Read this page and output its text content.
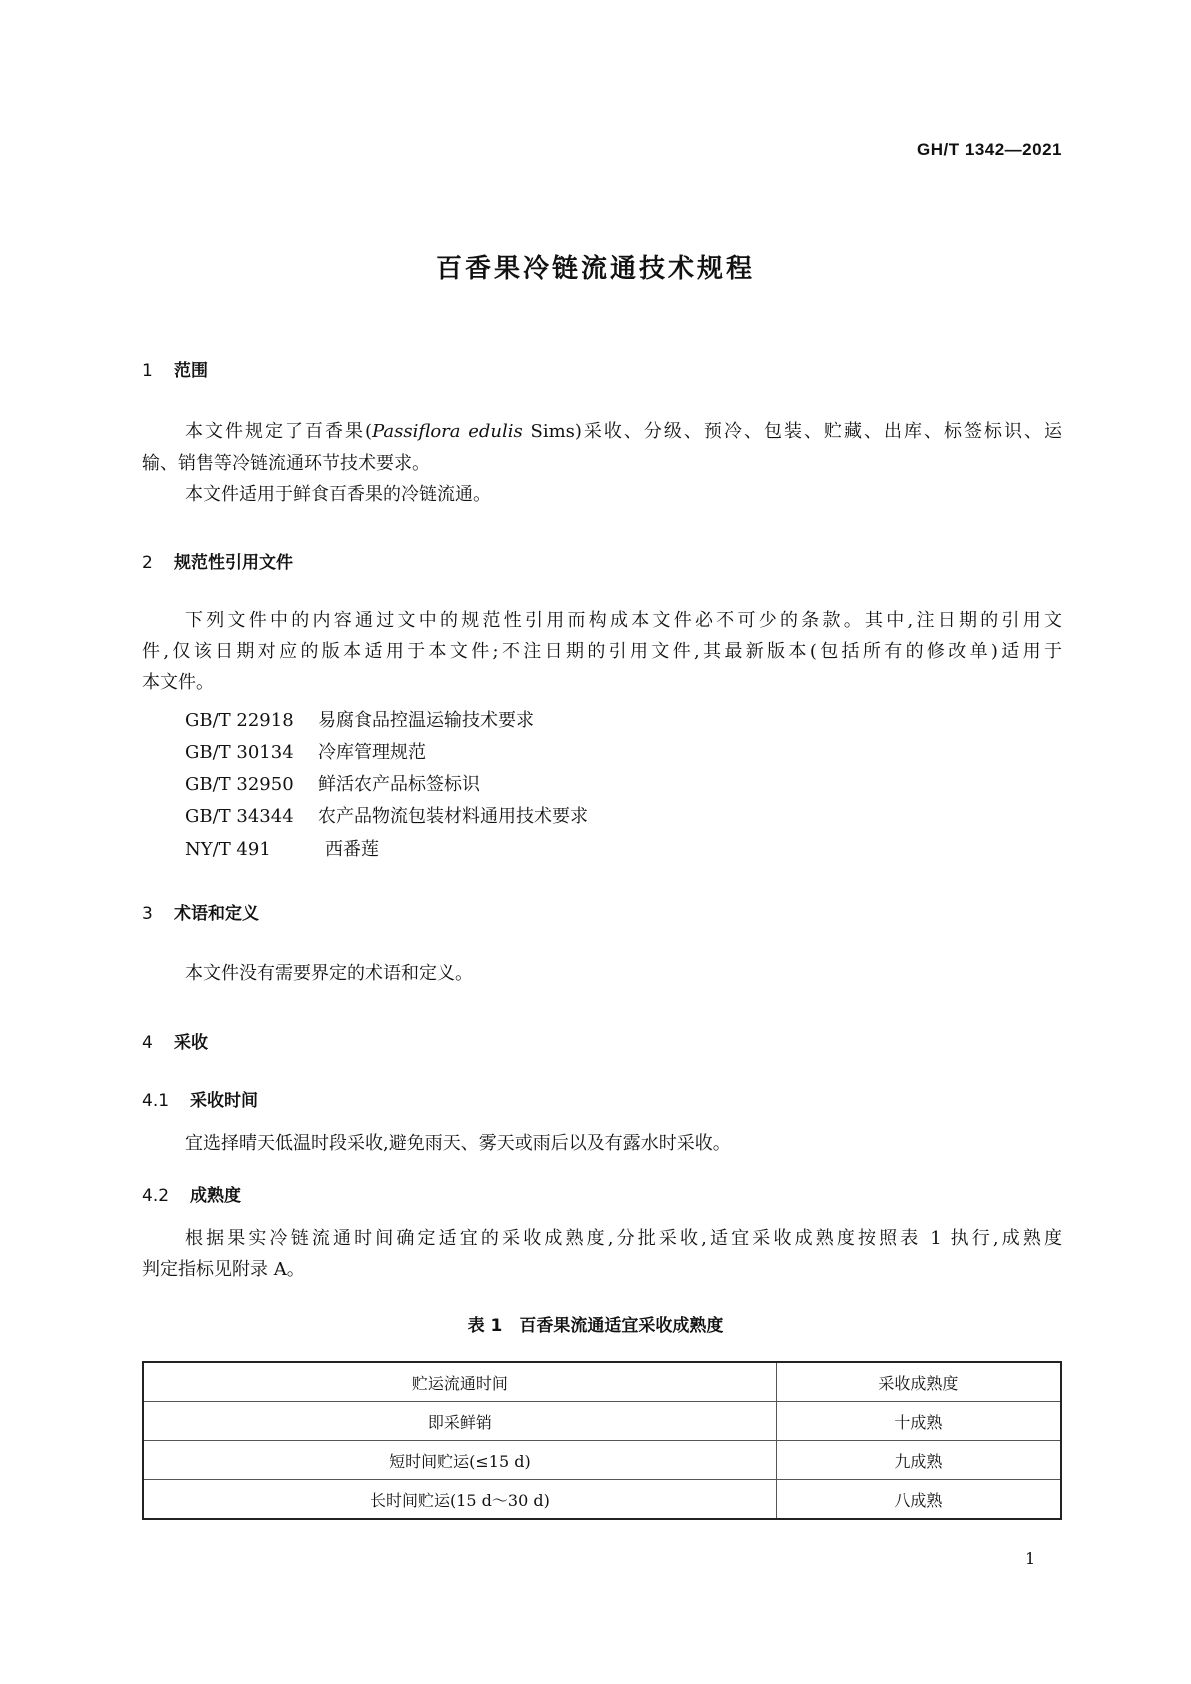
GH/T 1342—2021
百香果冷链流通技术规程
1 范围
本文件规定了百香果(Passiflora edulis Sims)采收、分级、预冷、包装、贮藏、出库、标签标识、运
输、销售等冷链流通环节技术要求。
本文件适用于鲜食百香果的冷链流通。
2 规范性引用文件
下列文件中的内容通过文中的规范性引用而构成本文件必不可少的条款。其中,注日期的引用文
件,仅该日期对应的版本适用于本文件;不注日期的引用文件,其最新版本(包括所有的修改单)适用于
本文件。
GB/T 22918 易腐食品控温运输技术要求
GB/T 30134 冷库管理规范
GB/T 32950 鲜活农产品标签标识
GB/T 34344 农产品物流包装材料通用技术要求
NY/T 491	西番莲
3 术语和定义
本文件没有需要界定的术语和定义。
4 采收
4.1 采收时间
宜选择晴天低温时段采收,避免雨天、雾天或雨后以及有露水时采收。
4.2 成熟度
根据果实冷链流通时间确定适宜的采收成熟度,分批采收,适宜采收成熟度按照表 1 执行,成熟度
判定指标见附录 A。
表 1　百香果流通适宜采收成熟度
贮运流通时间	采收成熟度
即采鲜销	十成熟
短时间贮运(≤15 d)	九成熟
长时间贮运(15 d～30 d)	八成熟
1
